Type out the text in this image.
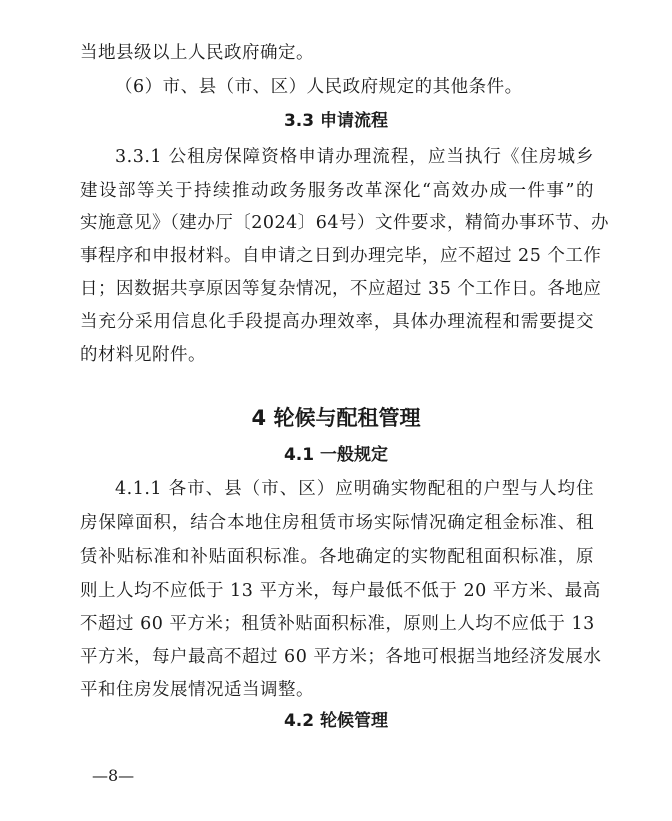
当地县级以上人民政府确定。
（6）市、县（市、区）人民政府规定的其他条件。
3.3 申请流程
3.3.1 公租房保障资格申请办理流程，应当执行《住房城乡
建设部等关于持续推动政务服务改革深化“高效办成一件事”的
实施意见》（建办厅〔2024〕64号）文件要求，精简办事环节、办
事程序和申报材料。自申请之日到办理完毕，应不超过 25 个工作
日；因数据共享原因等复杂情况，不应超过 35 个工作日。各地应
当充分采用信息化手段提高办理效率，具体办理流程和需要提交
的材料见附件。
4 轮候与配租管理
4.1 一般规定
4.1.1 各市、县（市、区）应明确实物配租的户型与人均住
房保障面积，结合本地住房租赁市场实际情况确定租金标准、租
赁补贴标准和补贴面积标准。各地确定的实物配租面积标准，原
则上人均不应低于 13 平方米，每户最低不低于 20 平方米、最高
不超过 60 平方米；租赁补贴面积标准，原则上人均不应低于 13
平方米，每户最高不超过 60 平方米；各地可根据当地经济发展水
平和住房发展情况适当调整。
4.2 轮候管理
—8—
